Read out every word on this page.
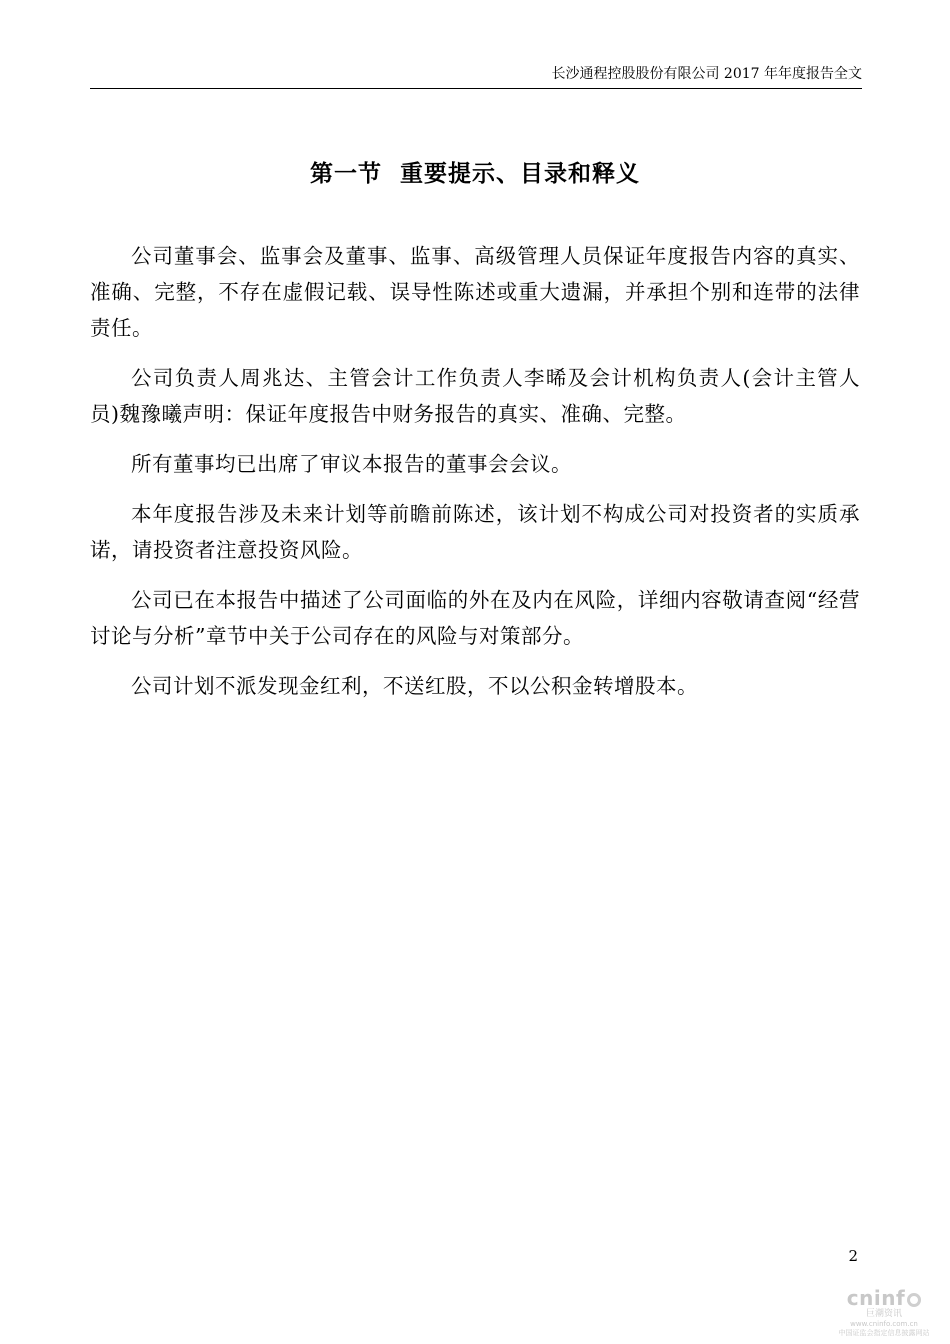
长沙通程控股股份有限公司 2017 年年度报告全文
第一节  重要提示、目录和释义

公司董事会、监事会及董事、监事、高级管理人员保证年度报告内容的真实、准确、完整，不存在虚假记载、误导性陈述或重大遗漏，并承担个别和连带的法律责任。

公司负责人周兆达、主管会计工作负责人李晞及会计机构负责人(会计主管人员)魏豫曦声明：保证年度报告中财务报告的真实、准确、完整。

所有董事均已出席了审议本报告的董事会会议。

本年度报告涉及未来计划等前瞻前陈述，该计划不构成公司对投资者的实质承诺，请投资者注意投资风险。

公司已在本报告中描述了公司面临的外在及内在风险，详细内容敬请查阅“经营讨论与分析”章节中关于公司存在的风险与对策部分。

公司计划不派发现金红利，不送红股，不以公积金转增股本。

2
cninf
巨潮资讯
www.cninfo.com.cn
中国证监会指定信息披露网站
